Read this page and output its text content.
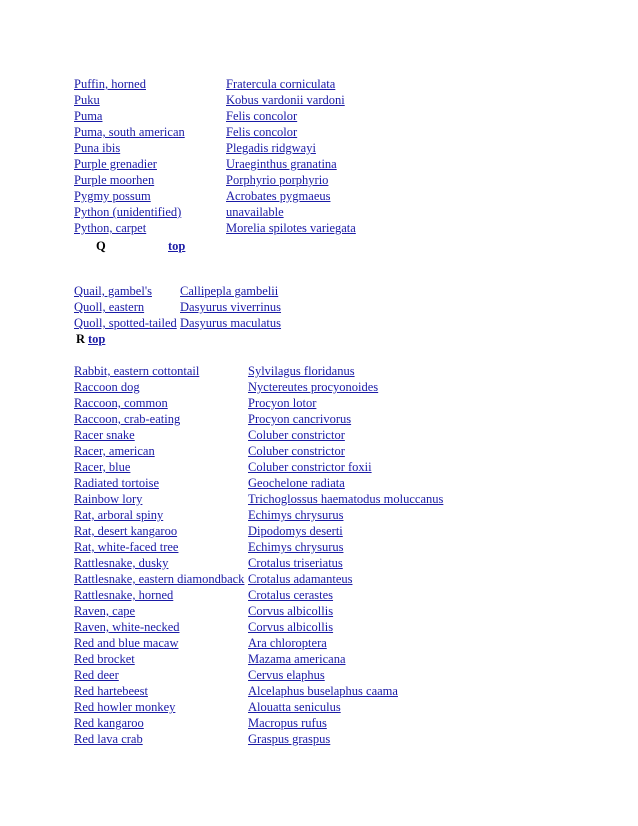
Puffin, horned	Fratercula corniculata
Puku	Kobus vardonii vardoni
Puma	Felis concolor
Puma, south american	Felis concolor
Puna ibis	Plegadis ridgwayi
Purple grenadier	Uraeginthus granatina
Purple moorhen	Porphyrio porphyrio
Pygmy possum	Acrobates pygmaeus
Python (unidentified)	unavailable
Python, carpet	Morelia spilotes variegata
Q	top
Quail, gambel's Callipepla gambelii
Quoll, eastern	Dasyurus viverrinus
Quoll, spotted-tailed Dasyurus maculatus
R top
Rabbit, eastern cottontail	Sylvilagus floridanus
Raccoon dog	Nyctereutes procyonoides
Raccoon, common	Procyon lotor
Raccoon, crab-eating	Procyon cancrivorus
Racer snake	Coluber constrictor
Racer, american	Coluber constrictor
Racer, blue	Coluber constrictor foxii
Radiated tortoise	Geochelone radiata
Rainbow lory	Trichoglossus haematodus moluccanus
Rat, arboral spiny	Echimys chrysurus
Rat, desert kangaroo	Dipodomys deserti
Rat, white-faced tree	Echimys chrysurus
Rattlesnake, dusky	Crotalus triseriatus
Rattlesnake, eastern diamondback Crotalus adamanteus
Rattlesnake, horned	Crotalus cerastes
Raven, cape	Corvus albicollis
Raven, white-necked	Corvus albicollis
Red and blue macaw	Ara chloroptera
Red brocket	Mazama americana
Red deer	Cervus elaphus
Red hartebeest	Alcelaphus buselaphus caama
Red howler monkey	Alouatta seniculus
Red kangaroo	Macropus rufus
Red lava crab	Graspus graspus
